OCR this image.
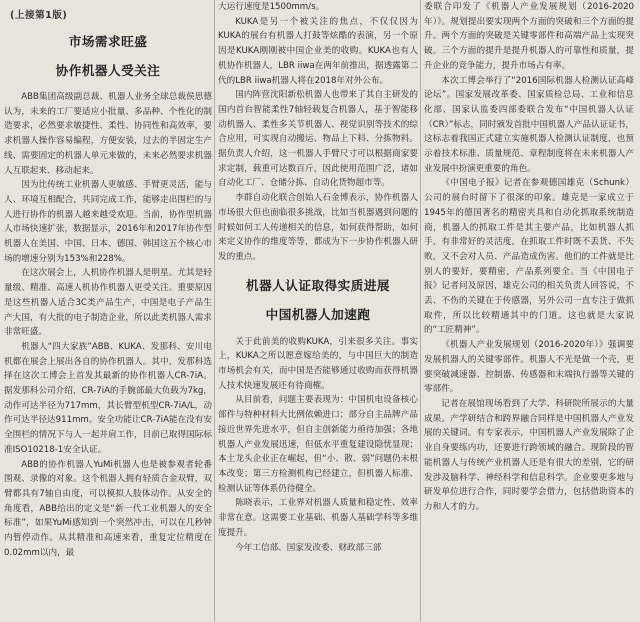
(上接第1版)
市场需求旺盛
协作机器人受关注

ABB集团高级副总裁、机器人业务全球总裁侯思德认为，未来的工厂要适应小批量、多品种、个性化的制造要求，必然要求敏捷性、柔性、协同性和高效率，要求机器人操作容易编程，方便安装，过去的半固定生产线、需要固定的机器人单元来做的，未来必然要求机器人互联起来、移动起来。

因为比传统工业机器人更敏感、手臂更灵活，能与人、环境互相配合，共同完成工作，能够走出围栏的与人进行协作的机器人越来越受欢迎。当前，协作型机器人市场快速扩张，数据显示，2016年和2017年协作型机器人在美国、中国、日本、德国、韩国这五个核心市场的增速分别为153%和228%。

在这次展会上，人机协作机器人是明星。尤其是轻量级、精准、高速人机协作机器人更受关注。重要原因是这些机器人适合3C类产品生产，中国是电子产品生产大国，有大批的电子制造企业，所以此类机器人需求非常旺盛。

机器人“四大家族”ABB、KUKA、发那科、安川电机都在展会上展出各自的协作机器人。其中，发那科选择在这次工博会上首发其最新的协作机器人CR-7iA。据发那科公司介绍，CR-7iA的手腕部最大负载为7kg，动作可达半径为717mm，其长臂型机型CR-7iA/L，动作可达半径达911mm。安全功能让CR-7iA能在没有安全围栏的情况下与人一起并肩工作，目前已取得国际标准ISO10218-1安全认证。

ABB的协作机器人YuMi机器人也是被参观者轮番围观、录像的对象。这个机器人拥有轻质合金双臂，双臂都具有7轴自由度，可以模拟人肢体动作。从安全的角度看，ABB给出的定义是“新一代工业机器人的安全标准”，如果YuMi感知到一个突然冲击，可以在几秒钟内暂停动作。从其精准和高速来看，重复定位精度在0.02mm以内，最

大运行速度是1500mm/s。

KUKA是另一个被关注的焦点，不仅仅因为KUKA的展台有机器人打鼓等炫酷的表演，另一个原因是KUKA刚刚被中国企业美的收购。KUKA也有人机协作机器人，LBR iiwa在两年前推出，据透露第二代的LBR iiwa机器人将在2018年对外公布。

国内阵营沈阳新松机器人也带来了其自主研发的国内首台智能柔性7轴轻载复合机器人，基于智能移动机器人、柔性多关节机器人、视觉识别等技术的综合应用，可实现自动搬运、物品上下料、分拣物料。据负责人介绍，这一机器人手臂尺寸可以根据商家要求定制，载重可达数百斤，因此使用范围广泛，诸如自动化工厂、仓储分拣、自动化货物超市等。

李群自动化联合创始人石金博表示，协作机器人市场很大但也面临很多挑战，比如当机器遇到问题的时候如何工人传递相关的信息，如何获得帮助，如何来定义协作的维度等等，都成为下一步协作机器人研发的重点。

机器人认证取得实质进展
中国机器人加速跑

关于此前美的收购KUKA，引来很多关注。事实上，KUKA之所以愿意嫁给美的，与中国巨大的制造市场机会有关，而中国是否能够通过收购而获得机器人技术快速发展还有待商榷。

从目前看，问题主要表现为：中国机电设备核心部件与特种材料大比例依赖进口；部分自主品牌产品接近世界先进水平，但自主创新能力亟待加强；各地机器人产业发展迅速，但低水平重复建设隐忧显现；本土龙头企业正在崛起，但“小、散、弱”问题仍未根本改变；第三方检测机构已经建立，但机器人标准、检测认证等体系仍待健全。

陈晓表示，工业界对机器人质量和稳定性、效率非常在意。这需要工业基础、机器人基础学科等多维度提升。

今年工信部、国家发改委、财政部三部

委联合印发了《机器人产业发展规划（2016-2020年）》。规划提出要实现两个方面的突破和三个方面的提升。两个方面的突破是关键零部件和高端产品上实现突破。三个方面的提升是提升机器人的可靠性和质量，提升企业的竞争能力，提升市场占有率。

本次工博会举行了“2016国际机器人检测认证高峰论坛”。国家发展改革委、国家质检总局、工业和信息化部、国家认监委四部委联合发布“中国机器人认证（CR）”标志，同时颁发首批中国机器人产品认证证书，这标志着我国正式建立实施机器人检测认证制度，也预示着技术标准、质量规范、章程制度将在未来机器人产业发展中扮演更重要的角色。

《中国电子报》记者在参观德国雄克（Schunk）公司的展台时留下了很深的印象。雄克是一家成立于1945年的德国著名的精密夹具和自动化抓取系统制造商，机器人的抓取工件是其主要产品，比如机器人抓手，有非常好的灵活度，在抓取工件时既不丢货、不失败，又不会对人员、产品造成伤害。他们的工件就是比别人的要好，要精密，产品系列要全。当《中国电子报》记者问及原因，雄克公司的相关负责人回答说，不丢、不伤的关键在于传感器，另外公司一直专注于做抓取件，所以比较精通其中的门道。这也就是大家说的“工匠精神”。

《机器人产业发展规划（2016-2020年）》强调要发展机器人的关键零部件。机器人不光是做一个壳，更要突破减速器、控制器、传感器和末端执行器等关键的零部件。

记者在展馆现场看到了大学、科研院所展示的大量成果。产学研结合和跨界融合同样是中国机器人产业发展的关键词。有专家表示，中国机器人产业发展除了企业自身要练内功，还要进行跨领域的融合。现阶段的智能机器人与传统产业机器人还是有很大的差别，它的研发涉及脑科学、神经科学和信息科学。企业要更多地与研发单位进行合作，同时要学会借力，包括借助资本的力和人才的力。
